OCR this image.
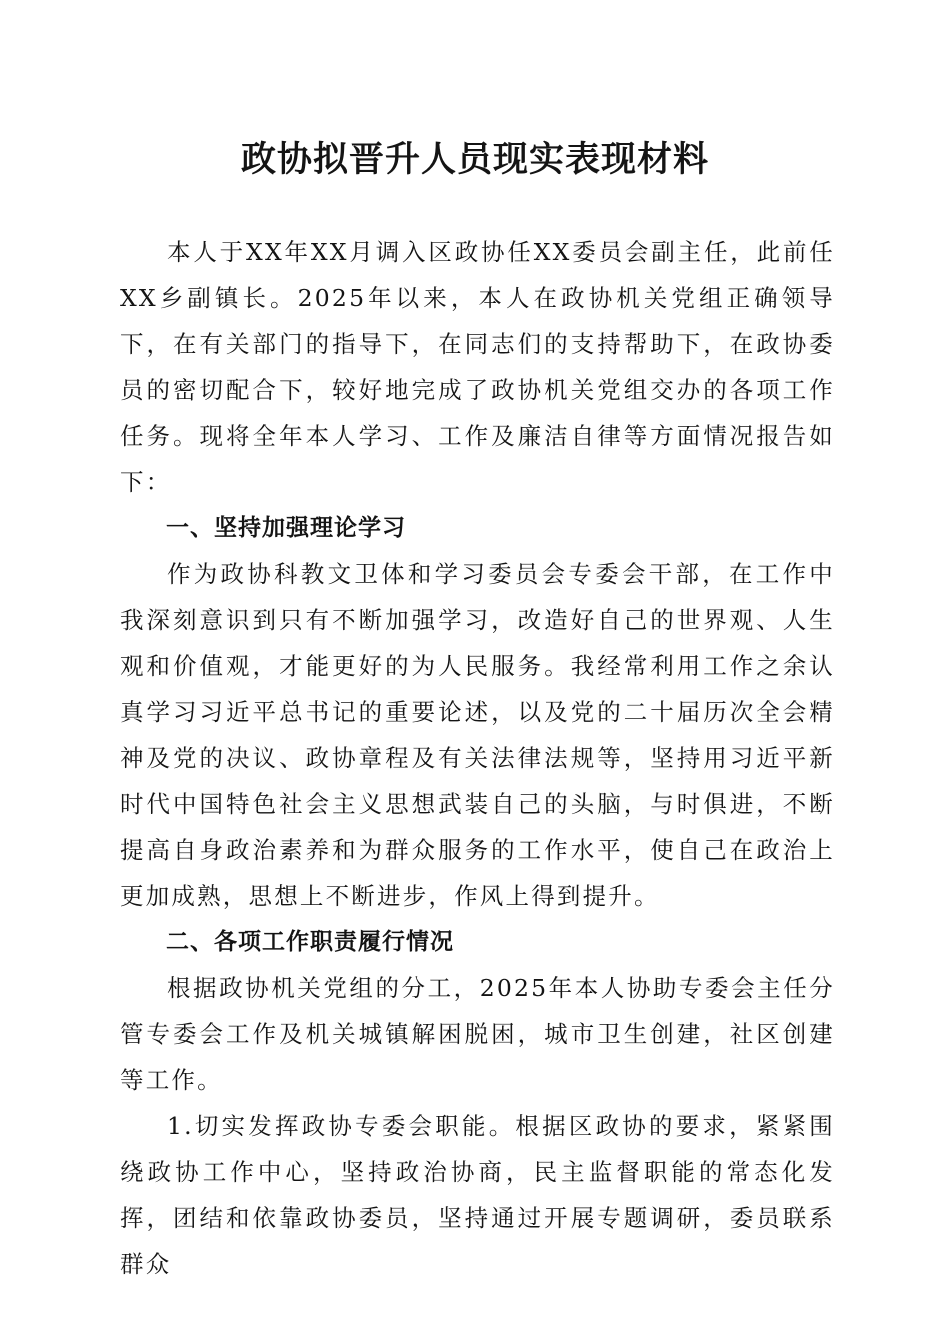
政协拟晋升人员现实表现材料

本人于XX年XX月调入区政协任XX委员会副主任，此前任XX乡副镇长。2025年以来，本人在政协机关党组正确领导下，在有关部门的指导下，在同志们的支持帮助下，在政协委员的密切配合下，较好地完成了政协机关党组交办的各项工作任务。现将全年本人学习、工作及廉洁自律等方面情况报告如下：

一、坚持加强理论学习

作为政协科教文卫体和学习委员会专委会干部，在工作中我深刻意识到只有不断加强学习，改造好自己的世界观、人生观和价值观，才能更好的为人民服务。我经常利用工作之余认真学习习近平总书记的重要论述，以及党的二十届历次全会精神及党的决议、政协章程及有关法律法规等，坚持用习近平新时代中国特色社会主义思想武装自己的头脑，与时俱进，不断提高自身政治素养和为群众服务的工作水平，使自己在政治上更加成熟，思想上不断进步，作风上得到提升。

二、各项工作职责履行情况

根据政协机关党组的分工，2025年本人协助专委会主任分管专委会工作及机关城镇解困脱困，城市卫生创建，社区创建等工作。

1.切实发挥政协专委会职能。根据区政协的要求，紧紧围绕政协工作中心，坚持政治协商，民主监督职能的常态化发挥，团结和依靠政协委员，坚持通过开展专题调研，委员联系群众
